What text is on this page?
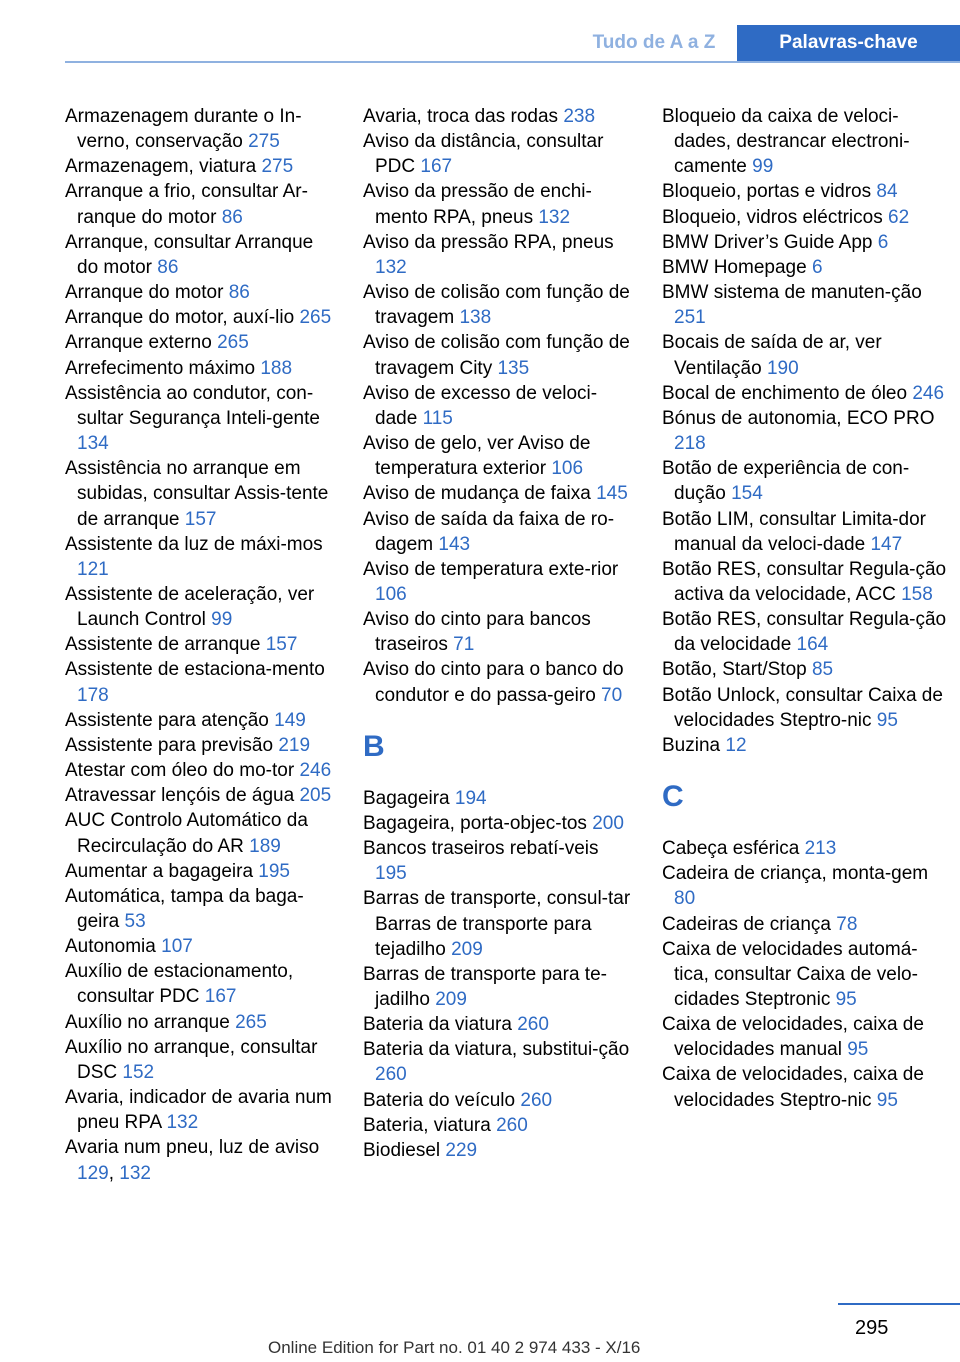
Tudo de A a Z	Palavras-chave
Armazenagem durante o In‐verno, conservação 275
Armazenagem, viatura 275
Arranque a frio, consultar Ar‐ranque do motor 86
Arranque, consultar Arranque do motor 86
Arranque do motor 86
Arranque do motor, auxí‐lio 265
Arranque externo 265
Arrefecimento máximo 188
Assistência ao condutor, con‐sultar Segurança Inteli‐gente 134
Assistência no arranque em subidas, consultar Assis‐tente de arranque 157
Assistente da luz de máxi‐mos 121
Assistente de aceleração, ver Launch Control 99
Assistente de arranque 157
Assistente de estaciona‐mento 178
Assistente para atenção 149
Assistente para previsão 219
Atestar com óleo do mo‐tor 246
Atravessar lençóis de água 205
AUC Controlo Automático da Recirculação do AR 189
Aumentar a bagageira 195
Automática, tampa da baga‐geira 53
Autonomia 107
Auxílio de estacionamento, consultar PDC 167
Auxílio no arranque 265
Auxílio no arranque, consultar DSC 152
Avaria, indicador de avaria num pneu RPA 132
Avaria num pneu, luz de aviso 129, 132
Avaria, troca das rodas 238
Aviso da distância, consultar PDC 167
Aviso da pressão de enchi‐mento RPA, pneus 132
Aviso da pressão RPA, pneus 132
Aviso de colisão com função de travagem 138
Aviso de colisão com função de travagem City 135
Aviso de excesso de veloci‐dade 115
Aviso de gelo, ver Aviso de temperatura exterior 106
Aviso de mudança de faixa 145
Aviso de saída da faixa de ro‐dagem 143
Aviso de temperatura exte‐rior 106
Aviso do cinto para bancos traseiros 71
Aviso do cinto para o banco do condutor e do passa‐geiro 70
B
Bagageira 194
Bagageira, porta-objec‐tos 200
Bancos traseiros rebatí‐veis 195
Barras de transporte, consul‐tar Barras de transporte para tejadilho 209
Barras de transporte para te‐jadilho 209
Bateria da viatura 260
Bateria da viatura, substitui‐ção 260
Bateria do veículo 260
Bateria, viatura 260
Biodiesel 229
Bloqueio da caixa de veloci‐dades, destrancar electroni‐camente 99
Bloqueio, portas e vidros 84
Bloqueio, vidros eléctricos 62
BMW Driver’s Guide App 6
BMW Homepage 6
BMW sistema de manuten‐ção 251
Bocais de saída de ar, ver Ventilação 190
Bocal de enchimento de óleo 246
Bónus de autonomia, ECO PRO 218
Botão de experiência de con‐dução 154
Botão LIM, consultar Limita‐dor manual da veloci‐dade 147
Botão RES, consultar Regula‐ção activa da velocidade, ACC 158
Botão RES, consultar Regula‐ção da velocidade 164
Botão, Start/Stop 85
Botão Unlock, consultar Caixa de velocidades Steptro‐nic 95
Buzina 12
C
Cabeça esférica 213
Cadeira de criança, monta‐gem 80
Cadeiras de criança 78
Caixa de velocidades automá‐tica, consultar Caixa de velo‐cidades Steptronic 95
Caixa de velocidades, caixa de velocidades manual 95
Caixa de velocidades, caixa de velocidades Steptro‐nic 95
295
Online Edition for Part no. 01 40 2 974 433 - X/16
